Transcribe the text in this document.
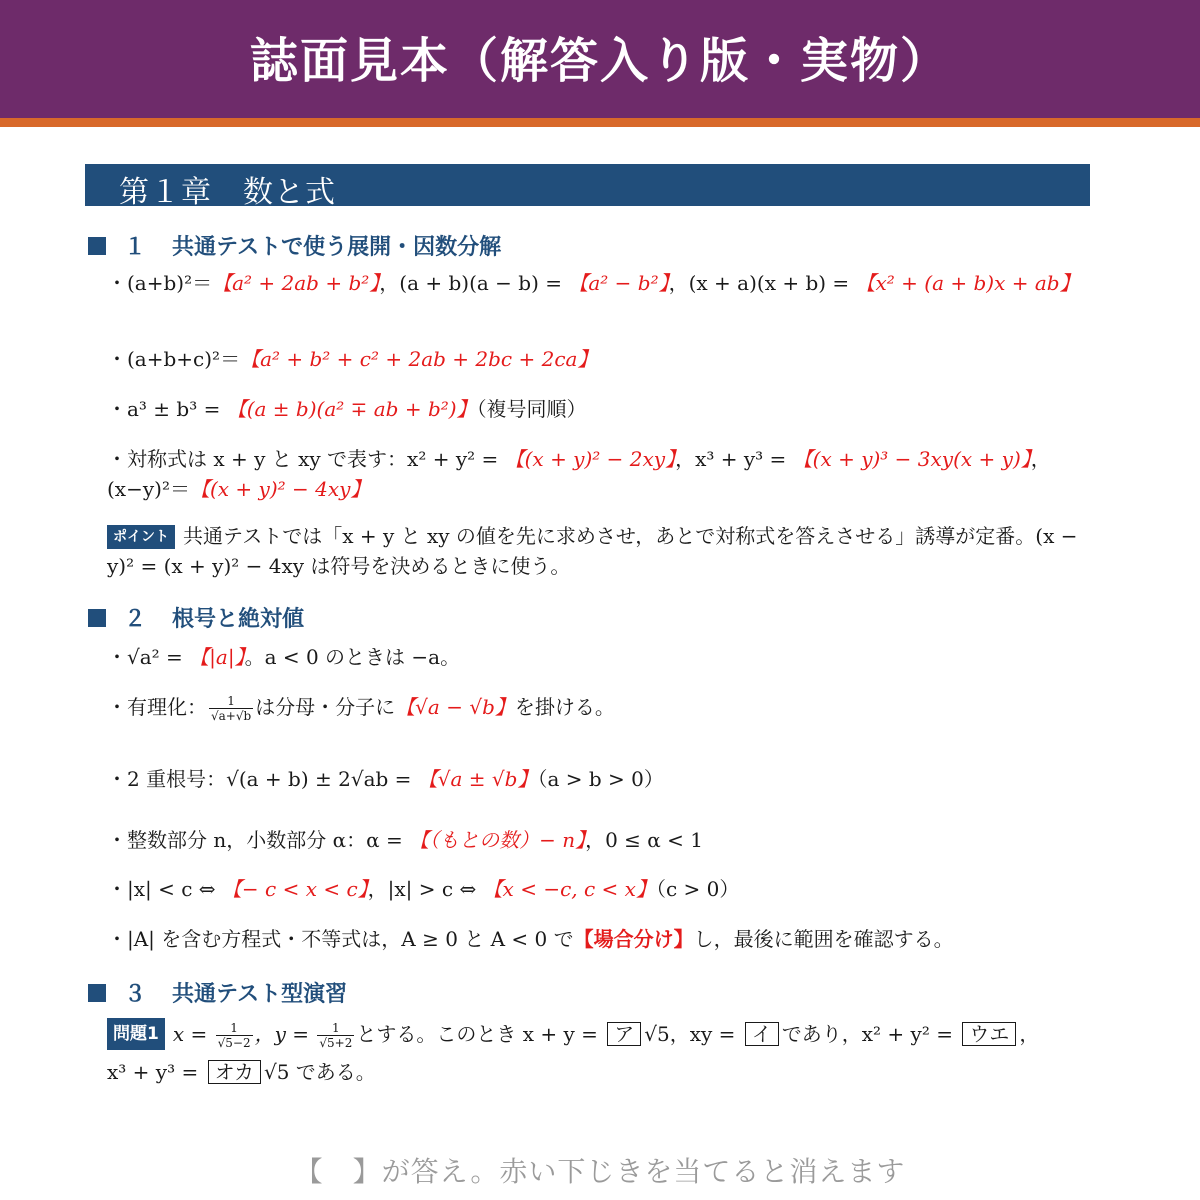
誌面見本（解答入り版・実物）
第１章　数と式
１ 共通テストで使う展開・因数分解
・(a+b)²＝【a² + 2ab + b²】，(a + b)(a − b) = 【a² − b²】，(x + a)(x + b) = 【x² + (a + b)x + ab】
・(a+b+c)²＝【a² + b² + c² + 2ab + 2bc + 2ca】
・a³ ± b³ = 【(a ± b)(a² ∓ ab + b²)】（複号同順）
・対称式は x + y と xy で表す：x² + y² = 【(x + y)² − 2xy】，x³ + y³ = 【(x + y)³ − 3xy(x + y)】，(x−y)²＝【(x + y)² − 4xy】
ポイント 共通テストでは「x + y と xy の値を先に求めさせ，あとで対称式を答えさせる」誘導が定番。(x − y)² = (x + y)² − 4xy は符号を決めるときに使う。
２ 根号と絶対値
・√a² = 【|a|】。a < 0 のときは −a。
・有理化： $\frac{1}{√a+√b}$ は分母・分子に【√a − √b】を掛ける。
・2 重根号：√(a + b) ± 2√ab = 【√a ± √b】（a > b > 0）
・整数部分 n，小数部分 α：α = 【（もとの数）− n】，0 ≤ α < 1
・|x| < c ⇔ 【− c < x < c】，|x| > c ⇔ 【x < −c, c < x】（c > 0）
・|A| を含む方程式・不等式は，A ≥ 0 と A < 0 で【場合分け】し，最後に範囲を確認する。
３ 共通テスト型演習
問題1 $x = \frac{1}{√5-2}$ ，$y = \frac{1}{√5+2}$ とする。このとき x + y = ア √5，xy = イ であり，x² + y² = ウエ ，
x³ + y³ = オカ √5 である。
【　】が答え。赤い下じきを当てると消えます
